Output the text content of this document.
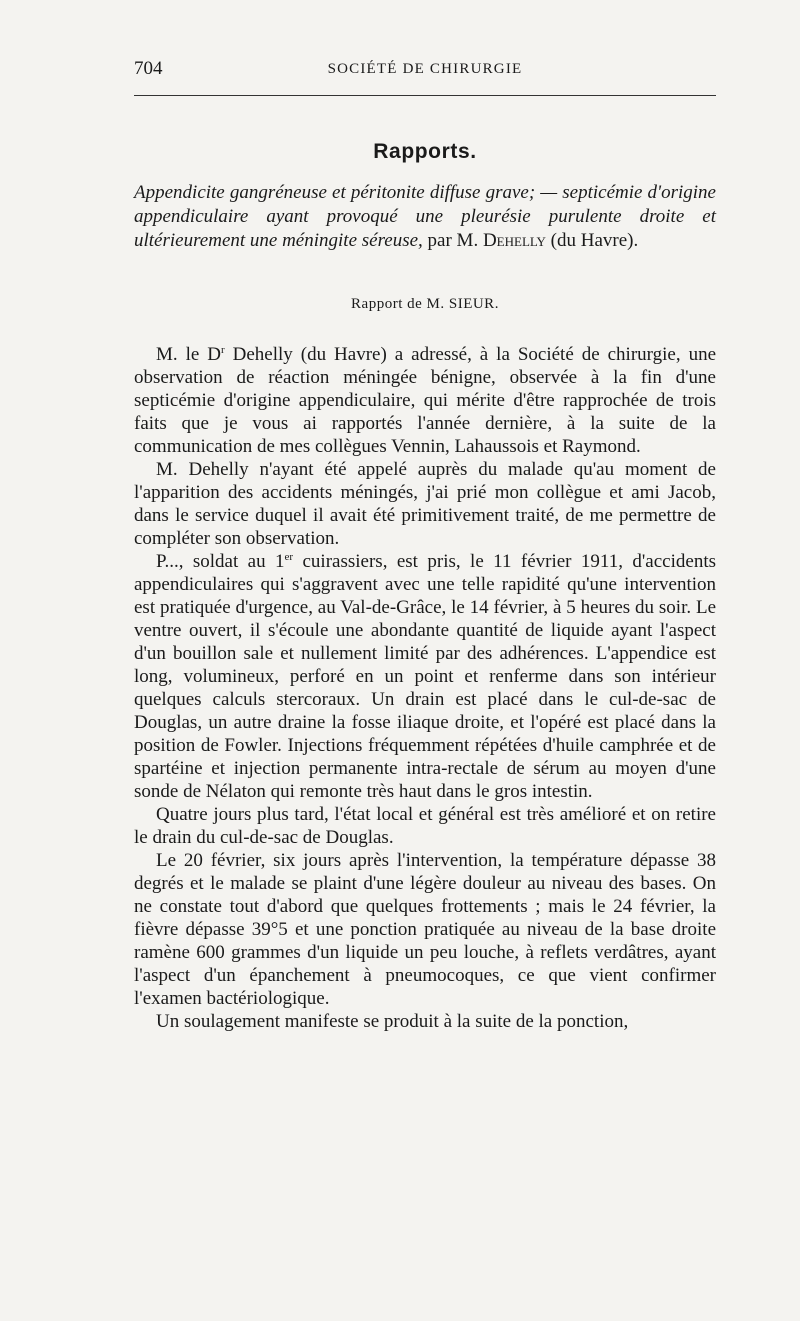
704	SOCIÉTÉ DE CHIRURGIE
Rapports.

Appendicite gangréneuse et péritonite diffuse grave; — septicémie d'origine appendiculaire ayant provoqué une pleurésie purulente droite et ultérieurement une méningite séreuse, par M. Dehelly (du Havre).

Rapport de M. SIEUR.

M. le $D^r$ Dehelly (du Havre) a adressé, à la Société de chirurgie, une observation de réaction méningée bénigne, observée à la fin d'une septicémie d'origine appendiculaire, qui mérite d'être rapprochée de trois faits que je vous ai rapportés l'année dernière, à la suite de la communication de mes collègues Vennin, Lahaussois et Raymond.

M. Dehelly n'ayant été appelé auprès du malade qu'au moment de l'apparition des accidents méningés, j'ai prié mon collègue et ami Jacob, dans le service duquel il avait été primitivement traité, de me permettre de compléter son observation.

P..., soldat au 1er cuirassiers, est pris, le 11 février 1911, d'accidents appendiculaires qui s'aggravent avec une telle rapidité qu'une intervention est pratiquée d'urgence, au Val-de-Grâce, le 14 février, à 5 heures du soir. Le ventre ouvert, il s'écoule une abondante quantité de liquide ayant l'aspect d'un bouillon sale et nullement limité par des adhérences. L'appendice est long, volumineux, perforé en un point et renferme dans son intérieur quelques calculs stercoraux. Un drain est placé dans le cul-de-sac de Douglas, un autre draine la fosse iliaque droite, et l'opéré est placé dans la position de Fowler. Injections fréquemment répétées d'huile camphrée et de spartéine et injection permanente intra-rectale de sérum au moyen d'une sonde de Nélaton qui remonte très haut dans le gros intestin.

Quatre jours plus tard, l'état local et général est très amélioré et on retire le drain du cul-de-sac de Douglas.

Le 20 février, six jours après l'intervention, la température dépasse 38 degrés et le malade se plaint d'une légère douleur au niveau des bases. On ne constate tout d'abord que quelques frottements ; mais le 24 février, la fièvre dépasse 39°5 et une ponction pratiquée au niveau de la base droite ramène 600 grammes d'un liquide un peu louche, à reflets verdâtres, ayant l'aspect d'un épanchement à pneumocoques, ce que vient confirmer l'examen bactériologique.

Un soulagement manifeste se produit à la suite de la ponction,
